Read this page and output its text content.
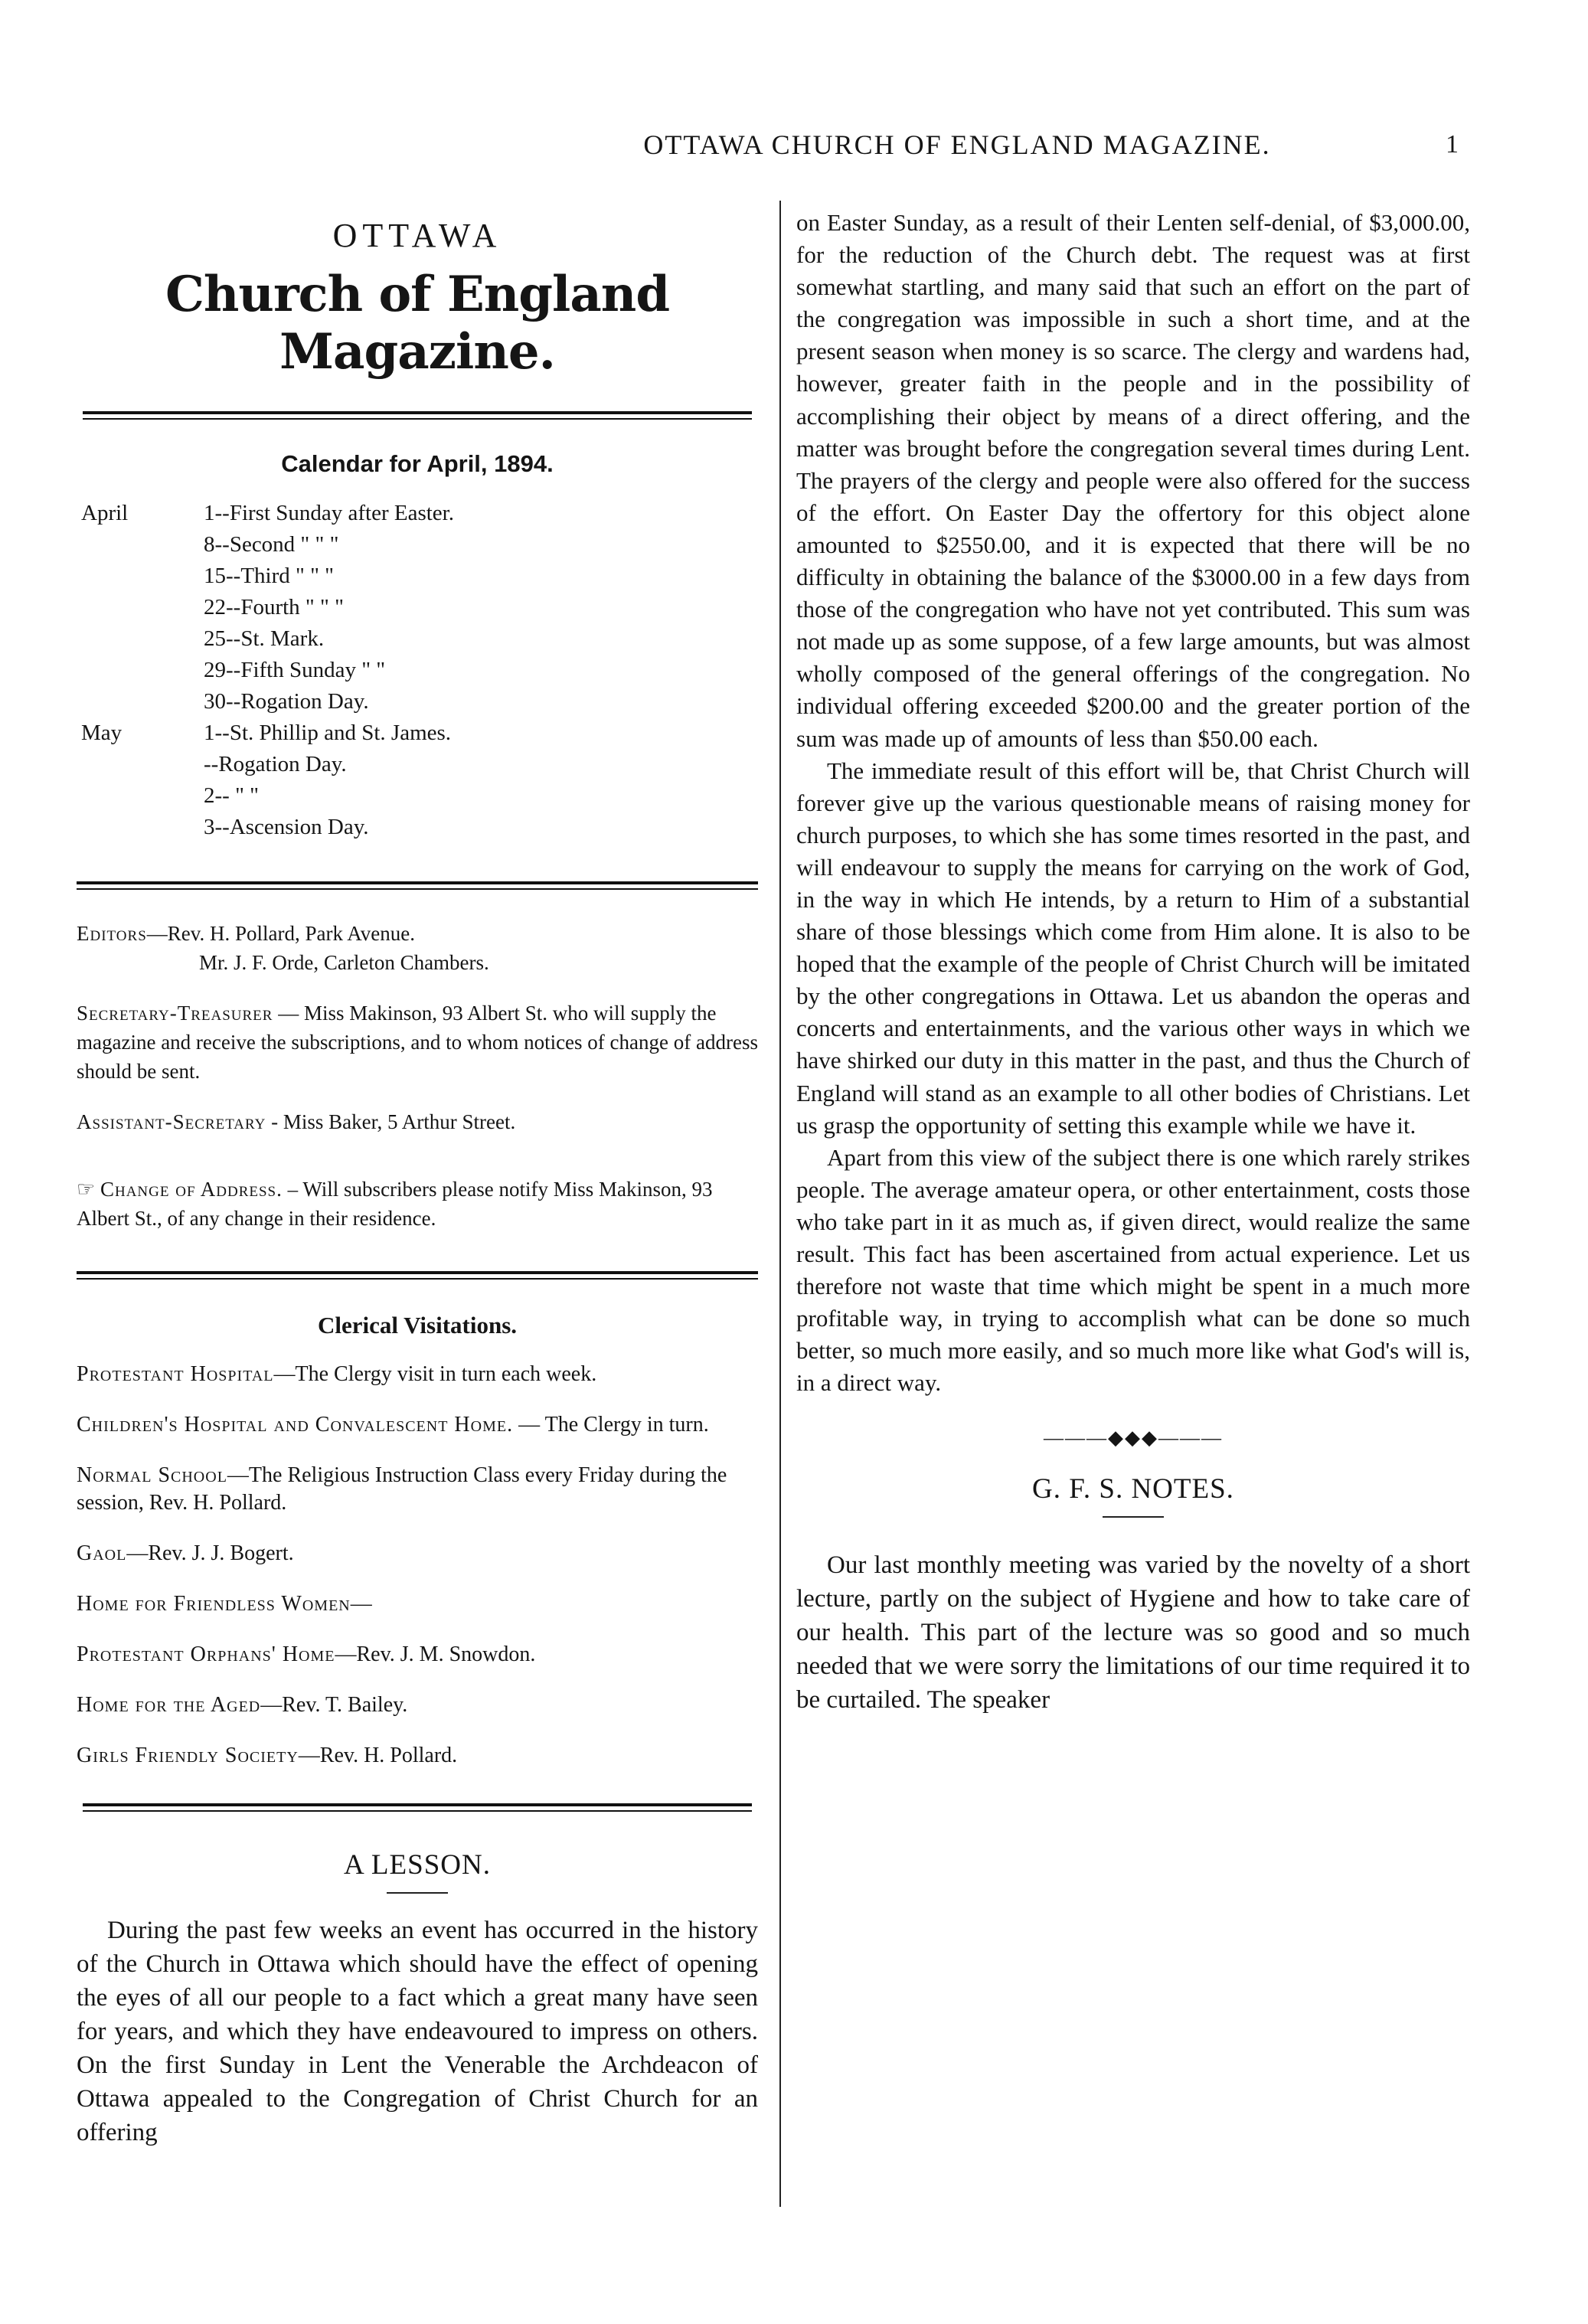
OTTAWA CHURCH OF ENGLAND MAGAZINE.	1
OTTAWA
Church of England Magazine.
Calendar for April, 1894.
April	1--First Sunday after Easter.
8--Second " " "
15--Third " " "
22--Fourth " " "
25--St. Mark.
29--Fifth Sunday " "
30--Rogation Day.
May	1--St. Phillip and St. James.
--Rogation Day.
2-- " "
3--Ascension Day.
Editors—Rev. H. Pollard, Park Avenue.
Mr. J. F. Orde, Carleton Chambers.
Secretary-Treasurer — Miss Makinson, 93 Albert St. who will supply the magazine and receive the subscriptions, and to whom notices of change of address should be sent.
Assistant-Secretary - Miss Baker, 5 Arthur Street.
☞ Change of Address. – Will subscribers please notify Miss Makinson, 93 Albert St., of any change in their residence.
Clerical Visitations.
Protestant Hospital—The Clergy visit in turn each week.
Children's Hospital and Convalescent Home. — The Clergy in turn.
Normal School—The Religious Instruction Class every Friday during the session, Rev. H. Pollard.
Gaol—Rev. J. J. Bogert.
Home for Friendless Women—
Protestant Orphans' Home—Rev. J. M. Snowdon.
Home for the Aged—Rev. T. Bailey.
Girls Friendly Society—Rev. H. Pollard.
A LESSON.

During the past few weeks an event has occurred in the history of the Church in Ottawa which should have the effect of opening the eyes of all our people to a fact which a great many have seen for years, and which they have endeavoured to impress on others. On the first Sunday in Lent the Venerable the Archdeacon of Ottawa appealed to the Congregation of Christ Church for an offering

on Easter Sunday, as a result of their Lenten self-denial, of $3,000.00, for the reduction of the Church debt. The request was at first somewhat startling, and many said that such an effort on the part of the congregation was impossible in such a short time, and at the present season when money is so scarce. The clergy and wardens had, however, greater faith in the people and in the possibility of accomplishing their object by means of a direct offering, and the matter was brought before the congregation several times during Lent. The prayers of the clergy and people were also offered for the success of the effort. On Easter Day the offertory for this object alone amounted to $2550.00, and it is expected that there will be no difficulty in obtaining the balance of the $3000.00 in a few days from those of the congregation who have not yet contributed. This sum was not made up as some suppose, of a few large amounts, but was almost wholly composed of the general offerings of the congregation. No individual offering exceeded $200.00 and the greater portion of the sum was made up of amounts of less than $50.00 each.

The immediate result of this effort will be, that Christ Church will forever give up the various questionable means of raising money for church purposes, to which she has some times resorted in the past, and will endeavour to supply the means for carrying on the work of God, in the way in which He intends, by a return to Him of a substantial share of those blessings which come from Him alone. It is also to be hoped that the example of the people of Christ Church will be imitated by the other congregations in Ottawa. Let us abandon the operas and concerts and entertainments, and the various other ways in which we have shirked our duty in this matter in the past, and thus the Church of England will stand as an example to all other bodies of Christians. Let us grasp the opportunity of setting this example while we have it.

Apart from this view of the subject there is one which rarely strikes people. The average amateur opera, or other entertainment, costs those who take part in it as much as, if given direct, would realize the same result. This fact has been ascertained from actual experience. Let us therefore not waste that time which might be spent in a much more profitable way, in trying to accomplish what can be done so much better, so much more easily, and so much more like what God's will is, in a direct way.

———◆◆◆———
G. F. S. NOTES.

Our last monthly meeting was varied by the novelty of a short lecture, partly on the subject of Hygiene and how to take care of our health. This part of the lecture was so good and so much needed that we were sorry the limitations of our time required it to be curtailed. The speaker
